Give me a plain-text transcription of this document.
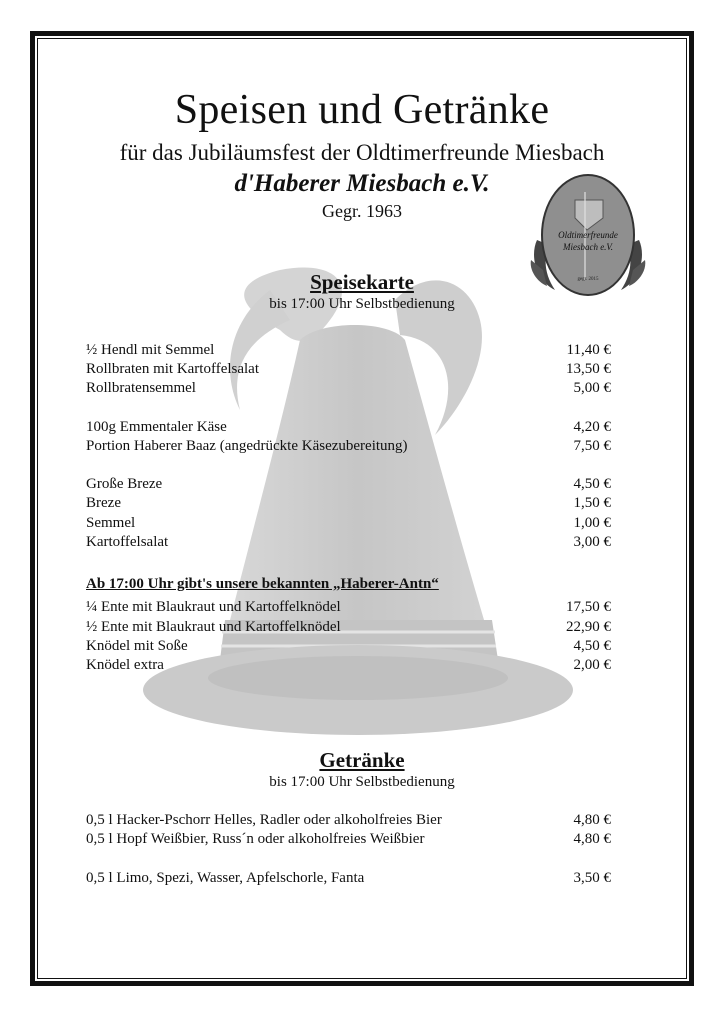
Oldtimerfreunde
Miesbach e.V.
gegr. 2015
Speisen und Getränke
für das Jubiläumsfest der Oldtimerfreunde Miesbach
d'Haberer Miesbach e.V.
Gegr. 1963
Speisekarte
bis 17:00 Uhr Selbstbedienung
½ Hendl mit Semmel	11,40 €
Rollbraten mit Kartoffelsalat	13,50 €
Rollbratensemmel	5,00 €
100g Emmentaler Käse	4,20 €
Portion Haberer Baaz (angedrückte Käsezubereitung)	7,50 €
Große Breze	4,50 €
Breze	1,50 €
Semmel	1,00 €
Kartoffelsalat	3,00 €
Ab 17:00 Uhr gibt's unsere bekannten „Haberer-Antn“
¼ Ente mit Blaukraut und Kartoffelknödel	17,50 €
½ Ente mit Blaukraut und Kartoffelknödel	22,90 €
Knödel mit Soße	4,50 €
Knödel extra	2,00 €
Getränke
bis 17:00 Uhr Selbstbedienung
0,5 l Hacker-Pschorr Helles, Radler oder alkoholfreies Bier	4,80 €
0,5 l Hopf Weißbier, Russ´n oder alkoholfreies Weißbier	4,80 €
0,5 l Limo, Spezi, Wasser, Apfelschorle, Fanta	3,50 €
